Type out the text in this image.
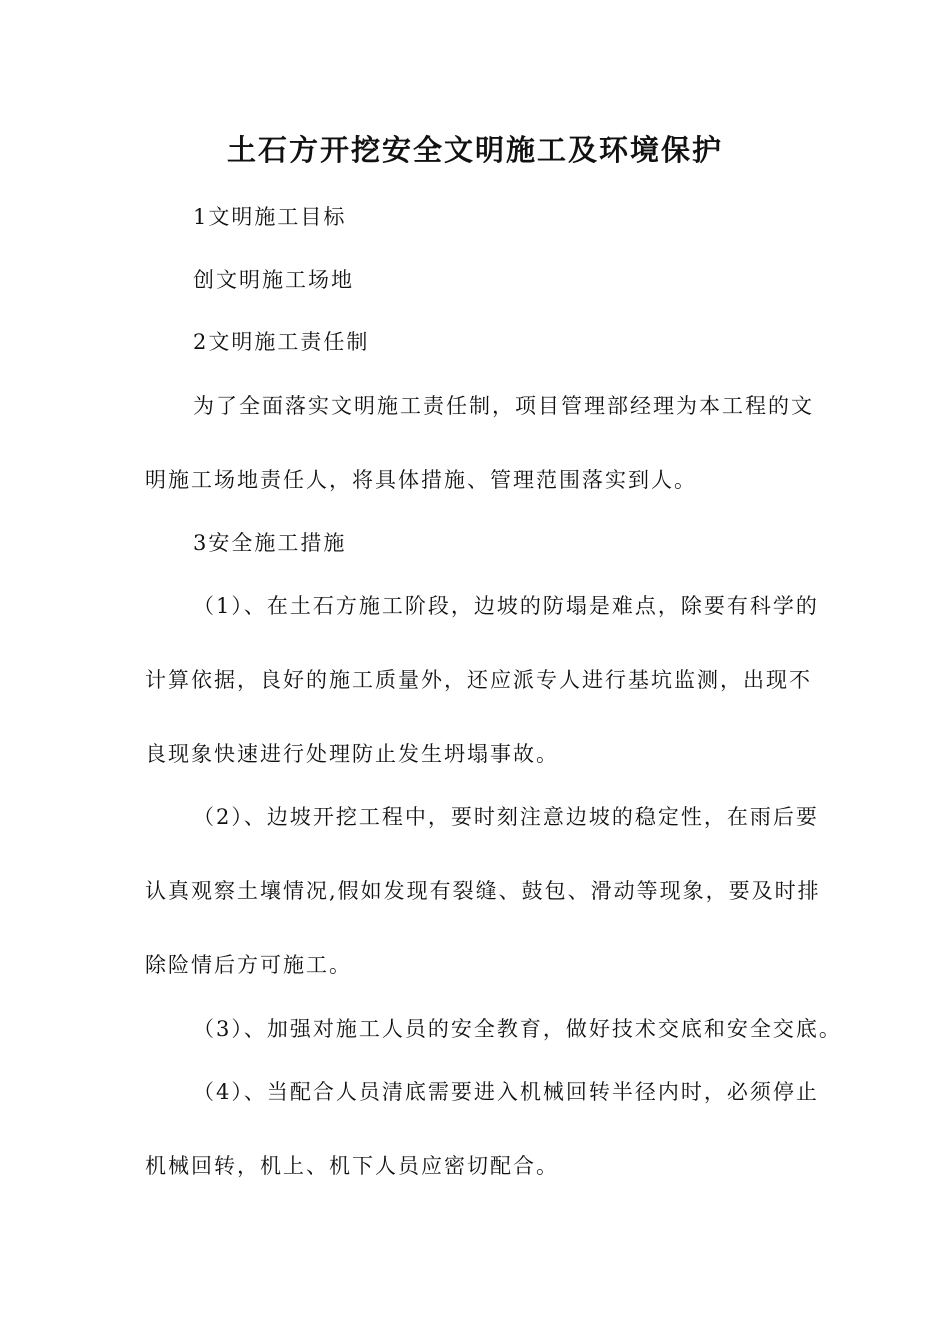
土石方开挖安全文明施工及环境保护

1文明施工目标

创文明施工场地

2文明施工责任制

为了全面落实文明施工责任制，项目管理部经理为本工程的文

明施工场地责任人，将具体措施、管理范围落实到人。

3安全施工措施

（1）、在土石方施工阶段，边坡的防塌是难点，除要有科学的

计算依据，良好的施工质量外，还应派专人进行基坑监测，出现不

良现象快速进行处理防止发生坍塌事故。

（2）、边坡开挖工程中，要时刻注意边坡的稳定性，在雨后要

认真观察土壤情况,假如发现有裂缝、鼓包、滑动等现象，要及时排

除险情后方可施工。

（3）、加强对施工人员的安全教育，做好技术交底和安全交底。

（4）、当配合人员清底需要进入机械回转半径内时，必须停止

机械回转，机上、机下人员应密切配合。
